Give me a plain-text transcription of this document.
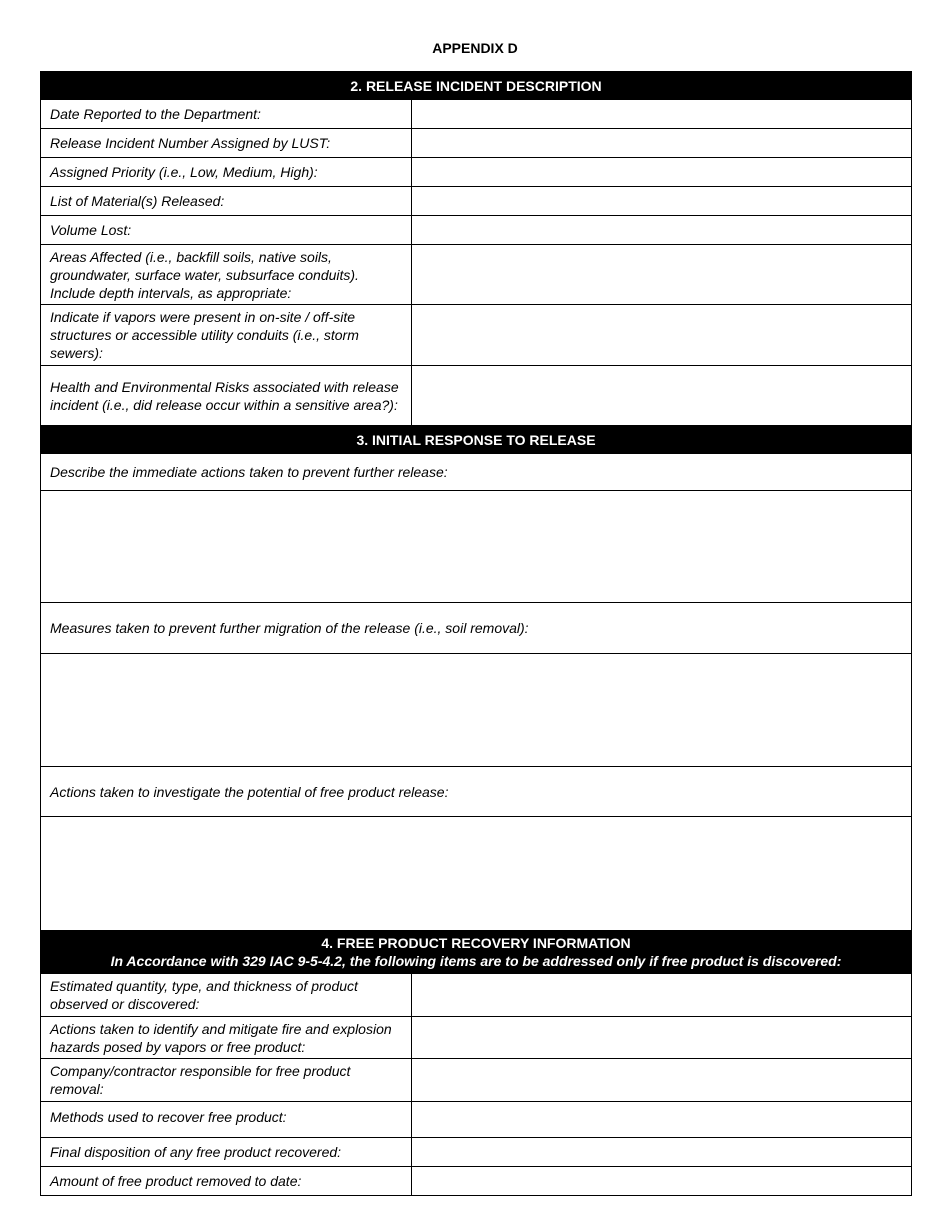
APPENDIX D
2. RELEASE INCIDENT DESCRIPTION	
Date Reported to the Department:	
Release Incident Number Assigned by LUST:	
Assigned Priority (i.e., Low, Medium, High):	
List of Material(s) Released:	
Volume Lost:	
Areas Affected (i.e., backfill soils, native soils, groundwater, surface water, subsurface conduits). Include depth intervals, as appropriate:	
Indicate if vapors were present in on-site / off-site structures or accessible utility conduits (i.e., storm sewers):	
Health and Environmental Risks associated with release incident (i.e., did release occur within a sensitive area?):	
3. INITIAL RESPONSE TO RELEASE	
Describe the immediate actions taken to prevent further release:	

Measures taken to prevent further migration of the release (i.e., soil removal):	

Actions taken to investigate the potential of free product release:	

4. FREE PRODUCT RECOVERY INFORMATION
In Accordance with 329 IAC 9-5-4.2, the following items are to be addressed only if free product is discovered:	

Estimated quantity, type, and thickness of product observed or discovered:	
Actions taken to identify and mitigate fire and explosion hazards posed by vapors or free product:	
Company/contractor responsible for free product removal:	
Methods used to recover free product:	
Final disposition of any free product recovered:	
Amount of free product removed to date:	
